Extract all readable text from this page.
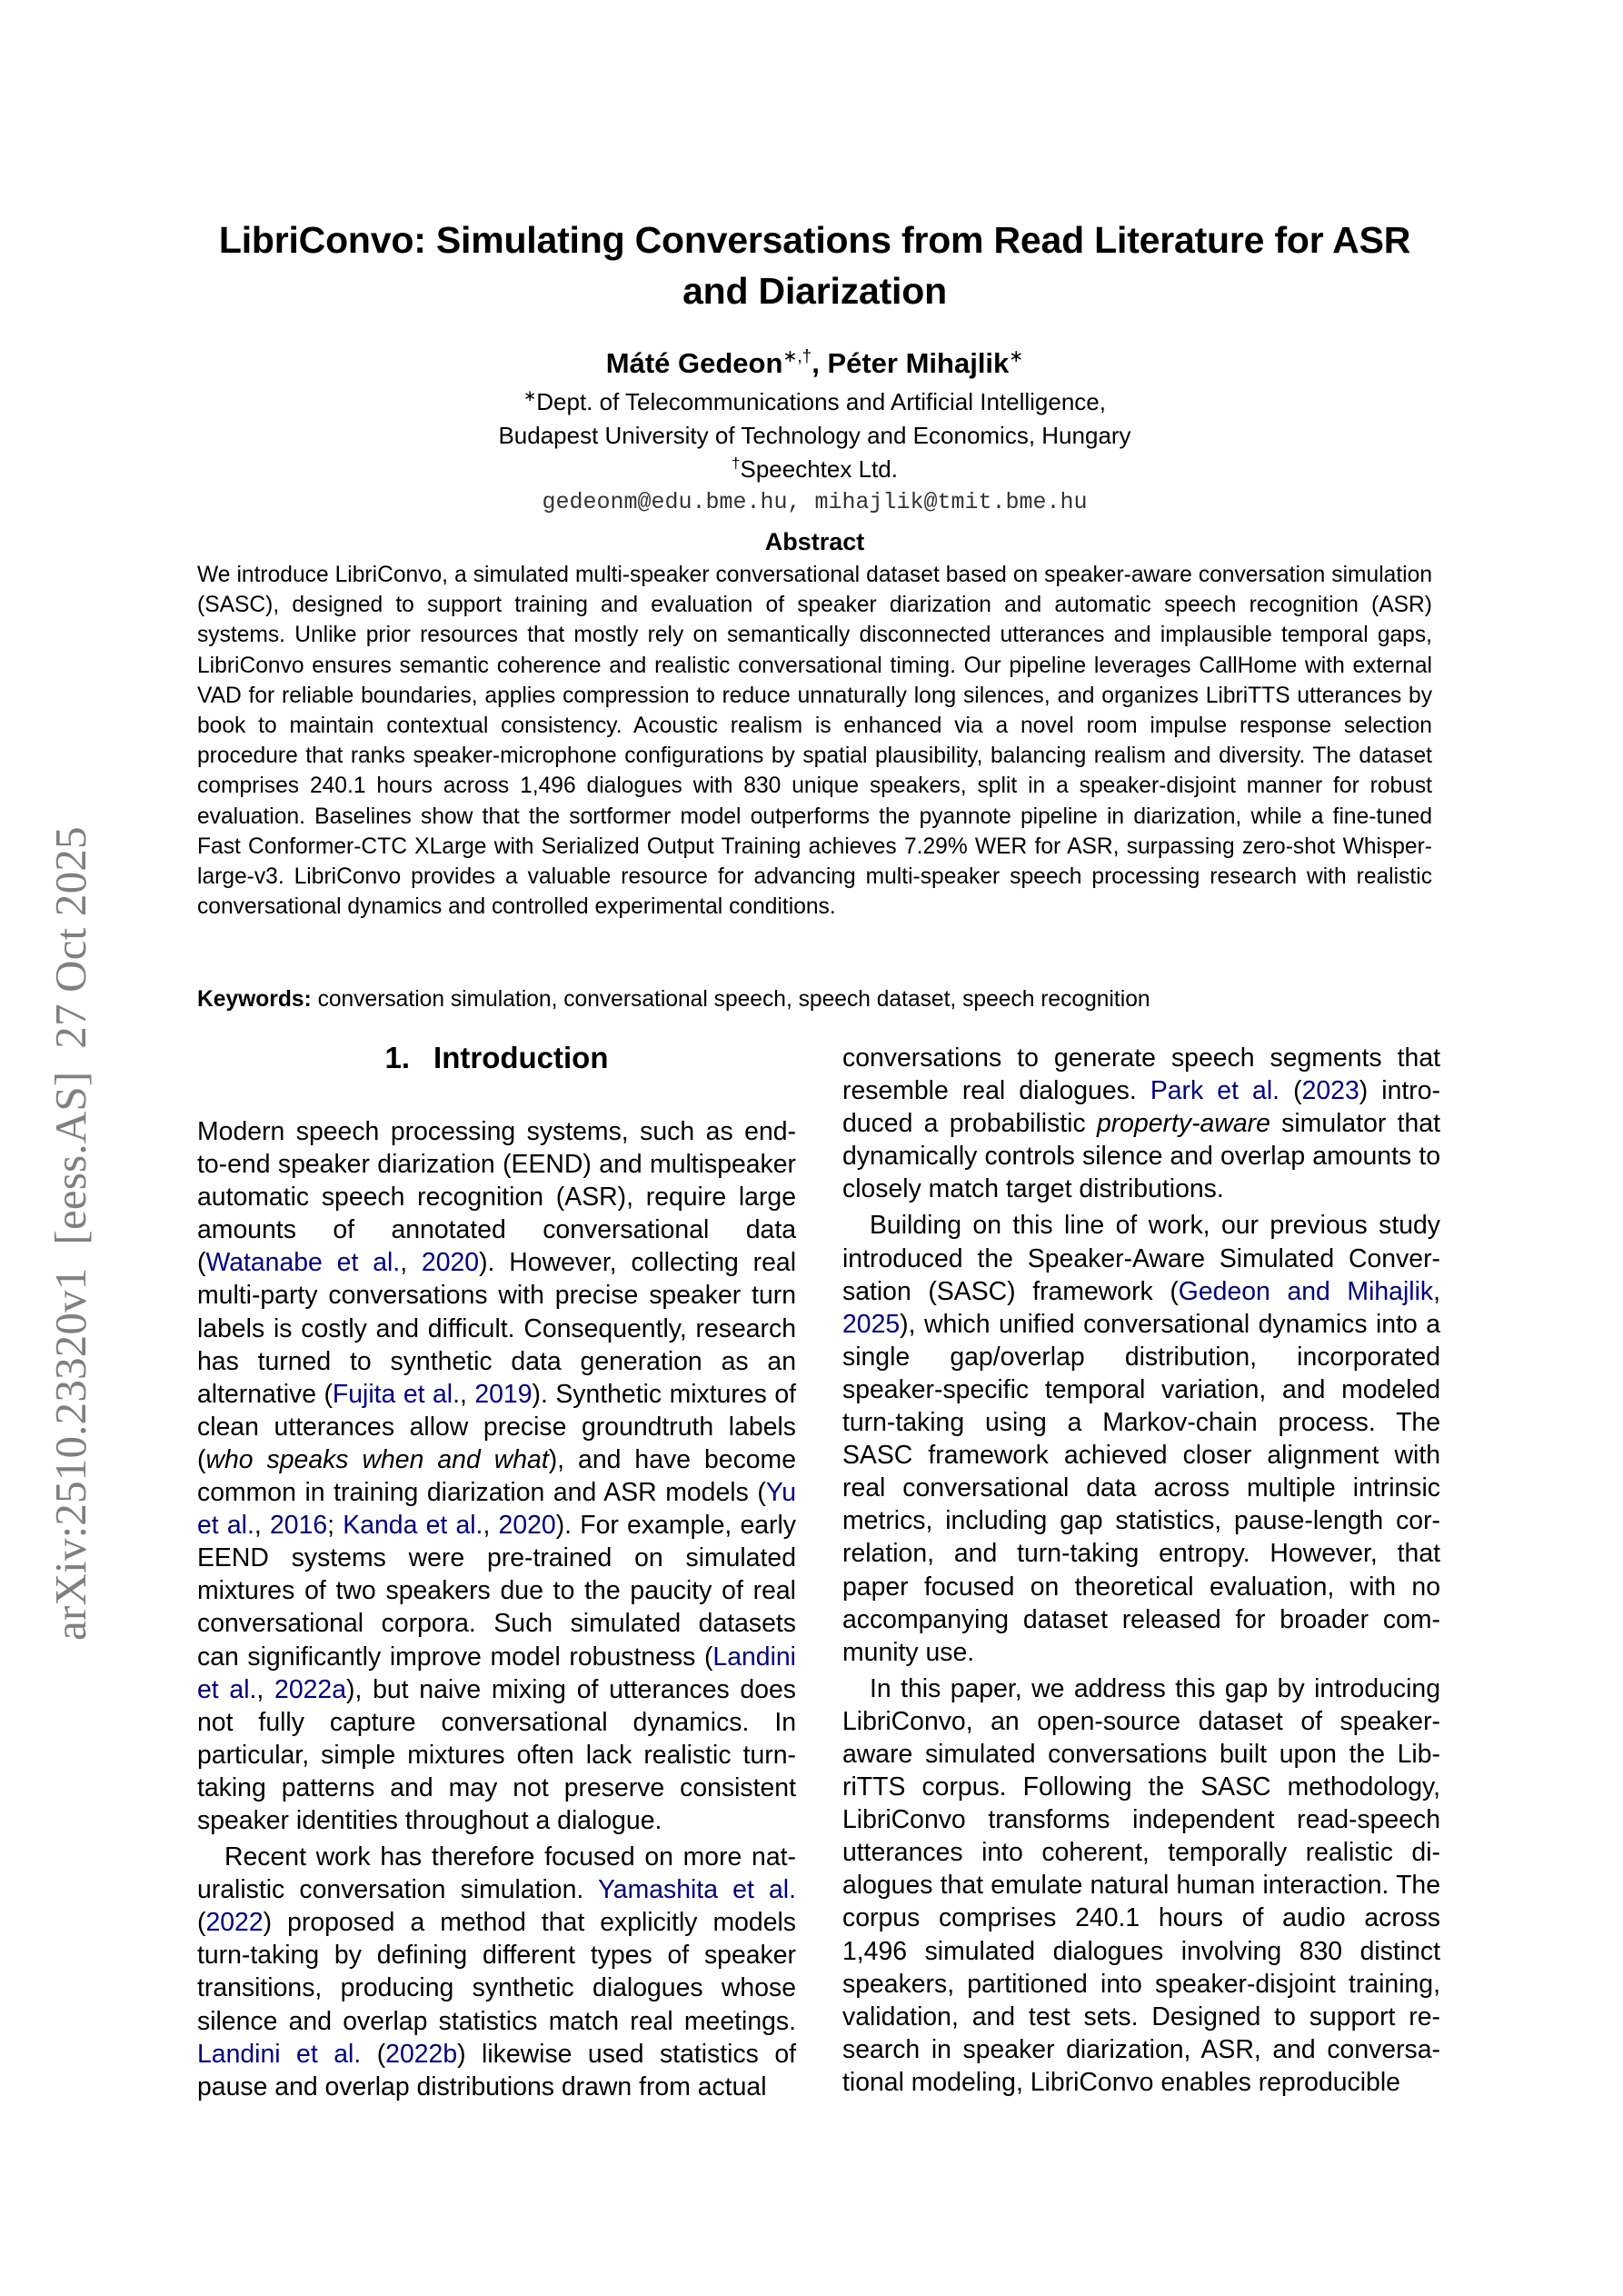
arXiv:2510.23320v1  [eess.AS]  27 Oct 2025
LibriConvo: Simulating Conversations from Read Literature for ASR and Diarization
Máté Gedeon∗,†, Péter Mihajlik∗
∗Dept. of Telecommunications and Artificial Intelligence,
Budapest University of Technology and Economics, Hungary
†Speechtex Ltd.
gedeonm@edu.bme.hu, mihajlik@tmit.bme.hu
Abstract
We introduce LibriConvo, a simulated multi-speaker conversational dataset based on speaker-aware conversation simulation (SASC), designed to support training and evaluation of speaker diarization and automatic speech recognition (ASR) systems. Unlike prior resources that mostly rely on semantically disconnected utterances and implausible temporal gaps, LibriConvo ensures semantic coherence and realistic conversational timing. Our pipeline leverages CallHome with external VAD for reliable boundaries, applies compression to reduce unnaturally long silences, and organizes LibriTTS utterances by book to maintain contextual consistency. Acoustic realism is enhanced via a novel room impulse response selection procedure that ranks speaker-microphone configurations by spatial plausibility, balancing realism and diversity. The dataset comprises 240.1 hours across 1,496 dialogues with 830 unique speakers, split in a speaker-disjoint manner for robust evaluation. Baselines show that the sortformer model outperforms the pyannote pipeline in diarization, while a fine-tuned Fast Conformer-CTC XLarge with Serialized Output Training achieves 7.29% WER for ASR, surpassing zero-shot Whisper-large-v3. LibriConvo provides a valuable resource for advancing multi-speaker speech processing research with realistic conversational dynamics and controlled experimental conditions.
Keywords: conversation simulation, conversational speech, speech dataset, speech recognition
1. Introduction

Modern speech processing systems, such as end-to-end speaker diarization (EEND) and multispeaker automatic speech recognition (ASR), require large amounts of annotated conversational data (Watanabe et al., 2020). However, collecting real multi-party conversations with precise speaker turn labels is costly and difficult. Consequently, research has turned to synthetic data generation as an alternative (Fujita et al., 2019). Synthetic mixtures of clean utterances allow precise groundtruth labels (who speaks when and what), and have become common in training diarization and ASR models (Yu et al., 2016; Kanda et al., 2020). For example, early EEND systems were pre-trained on simulated mixtures of two speakers due to the paucity of real conversational corpora. Such simulated datasets can significantly improve model robustness (Landini et al., 2022a), but naive mixing of utterances does not fully capture conversational dynamics. In particular, simple mixtures often lack realistic turn-taking patterns and may not preserve consistent speaker identities throughout a dialogue.

Recent work has therefore focused on more naturalistic conversation simulation. Yamashita et al. (2022) proposed a method that explicitly models turn-taking by defining different types of speaker transitions, producing synthetic dialogues whose silence and overlap statistics match real meetings. Landini et al. (2022b) likewise used statistics of pause and overlap distributions drawn from actual

conversations to generate speech segments that resemble real dialogues. Park et al. (2023) introduced a probabilistic property-aware simulator that dynamically controls silence and overlap amounts to closely match target distributions.

Building on this line of work, our previous study introduced the Speaker-Aware Simulated Conversation (SASC) framework (Gedeon and Mihajlik, 2025), which unified conversational dynamics into a single gap/overlap distribution, incorporated speaker-specific temporal variation, and modeled turn-taking using a Markov-chain process. The SASC framework achieved closer alignment with real conversational data across multiple intrinsic metrics, including gap statistics, pause-length correlation, and turn-taking entropy. However, that paper focused on theoretical evaluation, with no accompanying dataset released for broader community use.

In this paper, we address this gap by introducing LibriConvo, an open-source dataset of speaker-aware simulated conversations built upon the LibriTTS corpus. Following the SASC methodology, LibriConvo transforms independent read-speech utterances into coherent, temporally realistic dialogues that emulate natural human interaction. The corpus comprises 240.1 hours of audio across 1,496 simulated dialogues involving 830 distinct speakers, partitioned into speaker-disjoint training, validation, and test sets. Designed to support research in speaker diarization, ASR, and conversational modeling, LibriConvo enables reproducible
